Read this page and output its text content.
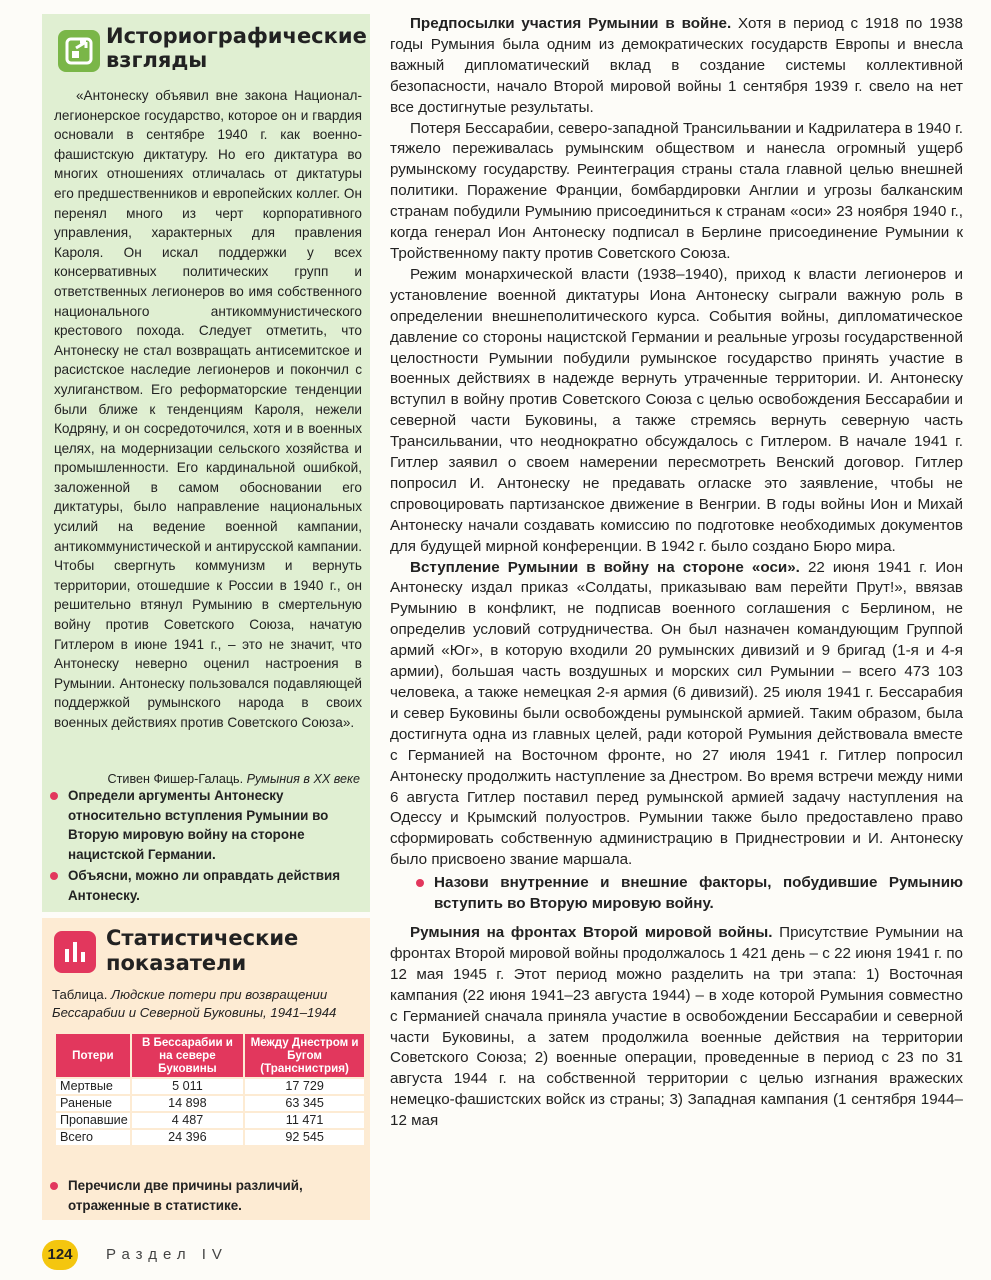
Историографические взгляды

«Антонеску объявил вне закона Национал-легионерское государство, которое он и гвардия основали в сентябре 1940 г. как военно-фашистскую диктатуру. Но его диктатура во многих отношениях отличалась от диктатуры его предшественников и европейских коллег. Он перенял много из черт корпоративного управления, характерных для правления Кароля. Он искал поддержки у всех консервативных политических групп и ответственных легионеров во имя собственного национального антикоммунистического крестового похода. Следует отметить, что Антонеску не стал возвращать антисемитское и расистское наследие легионеров и покончил с хулиганством. Его реформаторские тенденции были ближе к тенденциям Кароля, нежели Кодряну, и он сосредоточился, хотя и в военных целях, на модернизации сельского хозяйства и промышленности. Его кардинальной ошибкой, заложенной в самом обосновании его диктатуры, было направление национальных усилий на ведение военной кампании, антикоммунистической и антирусской кампании. Чтобы свергнуть коммунизм и вернуть территории, отошедшие к России в 1940 г., он решительно втянул Румынию в смертельную войну против Советского Союза, начатую Гитлером в июне 1941 г., – это не значит, что Антонеску неверно оценил настроения в Румынии. Антонеску пользовался подавляющей поддержкой румынского народа в своих военных действиях против Советского Союза».

Стивен Фишер-Галаць. Румыния в ХХ веке
Определи аргументы Антонеску относительно вступления Румынии во Вторую мировую войну на стороне нацистской Германии.
Объясни, можно ли оправдать действия Антонеску.
Статистические показатели
Таблица. Людские потери при возвращении Бессарабии и Северной Буковины, 1941–1944
Потери	В Бессарабии и на севере Буковины	Между Днестром и Бугом (Транснистрия)
Мертвые	5 011	17 729
Раненые	14 898	63 345
Пропавшие	4 487	11 471
Всего	24 396	92 545
Перечисли две причины различий, отраженные в статистике.

Предпосылки участия Румынии в войне. Хотя в период с 1918 по 1938 годы Румыния была одним из демократических государств Европы и внесла важный дипломатический вклад в создание системы коллективной безопасности, начало Второй мировой войны 1 сентября 1939 г. свело на нет все достигнутые результаты.

Потеря Бессарабии, северо-западной Трансильвании и Кадрилатера в 1940 г. тяжело переживалась румынским обществом и нанесла огромный ущерб румынскому государству. Реинтеграция страны стала главной целью внешней политики. Поражение Франции, бомбардировки Англии и угрозы балканским странам побудили Румынию присоединиться к странам «оси» 23 ноября 1940 г., когда генерал Ион Антонеску подписал в Берлине присоединение Румынии к Тройственному пакту против Советского Союза.

Режим монархической власти (1938–1940), приход к власти легионеров и установление военной диктатуры Иона Антонеску сыграли важную роль в определении внешнеполитического курса. События войны, дипломатическое давление со стороны нацистской Германии и реальные угрозы государственной целостности Румынии побудили румынское государство принять участие в военных действиях в надежде вернуть утраченные территории. И. Антонеску вступил в войну против Советского Союза с целью освобождения Бессарабии и северной части Буковины, а также стремясь вернуть северную часть Трансильвании, что неоднократно обсуждалось с Гитлером. В начале 1941 г. Гитлер заявил о своем намерении пересмотреть Венский договор. Гитлер попросил И. Антонеску не предавать огласке это заявление, чтобы не спровоцировать партизанское движение в Венгрии. В годы войны Ион и Михай Антонеску начали создавать комиссию по подготовке необходимых документов для будущей мирной конференции. В 1942 г. было создано Бюро мира.

Вступление Румынии в войну на стороне «оси». 22 июня 1941 г. Ион Антонеску издал приказ «Солдаты, приказываю вам перейти Прут!», ввязав Румынию в конфликт, не подписав военного соглашения с Берлином, не определив условий сотрудничества. Он был назначен командующим Группой армий «Юг», в которую входили 20 румынских дивизий и 9 бригад (1-я и 4-я армии), большая часть воздушных и морских сил Румынии – всего 473 103 человека, а также немецкая 2-я армия (6 дивизий). 25 июля 1941 г. Бессарабия и север Буковины были освобождены румынской армией. Таким образом, была достигнута одна из главных целей, ради которой Румыния действовала вместе с Германией на Восточном фронте, но 27 июля 1941 г. Гитлер попросил Антонеску продолжить наступление за Днестром. Во время встречи между ними 6 августа Гитлер поставил перед румынской армией задачу наступления на Одессу и Крымский полуостров. Румынии также было предоставлено право сформировать собственную администрацию в Приднестровии и И. Антонеску было присвоено звание маршала.

Назови внутренние и внешние факторы, побудившие Румынию вступить во Вторую мировую войну.

Румыния на фронтах Второй мировой войны. Присутствие Румынии на фронтах Второй мировой войны продолжалось 1 421 день – с 22 июня 1941 г. по 12 мая 1945 г. Этот период можно разделить на три этапа: 1) Восточная кампания (22 июня 1941–23 августа 1944) – в ходе которой Румыния совместно с Германией сначала приняла участие в освобождении Бессарабии и северной части Буковины, а затем продолжила военные действия на территории Советского Союза; 2) военные операции, проведенные в период с 23 по 31 августа 1944 г. на собственной территории с целью изгнания вражеских немецко-фашистских войск из страны; 3) Западная кампания (1 сентября 1944–12 мая

124	Раздел IV
